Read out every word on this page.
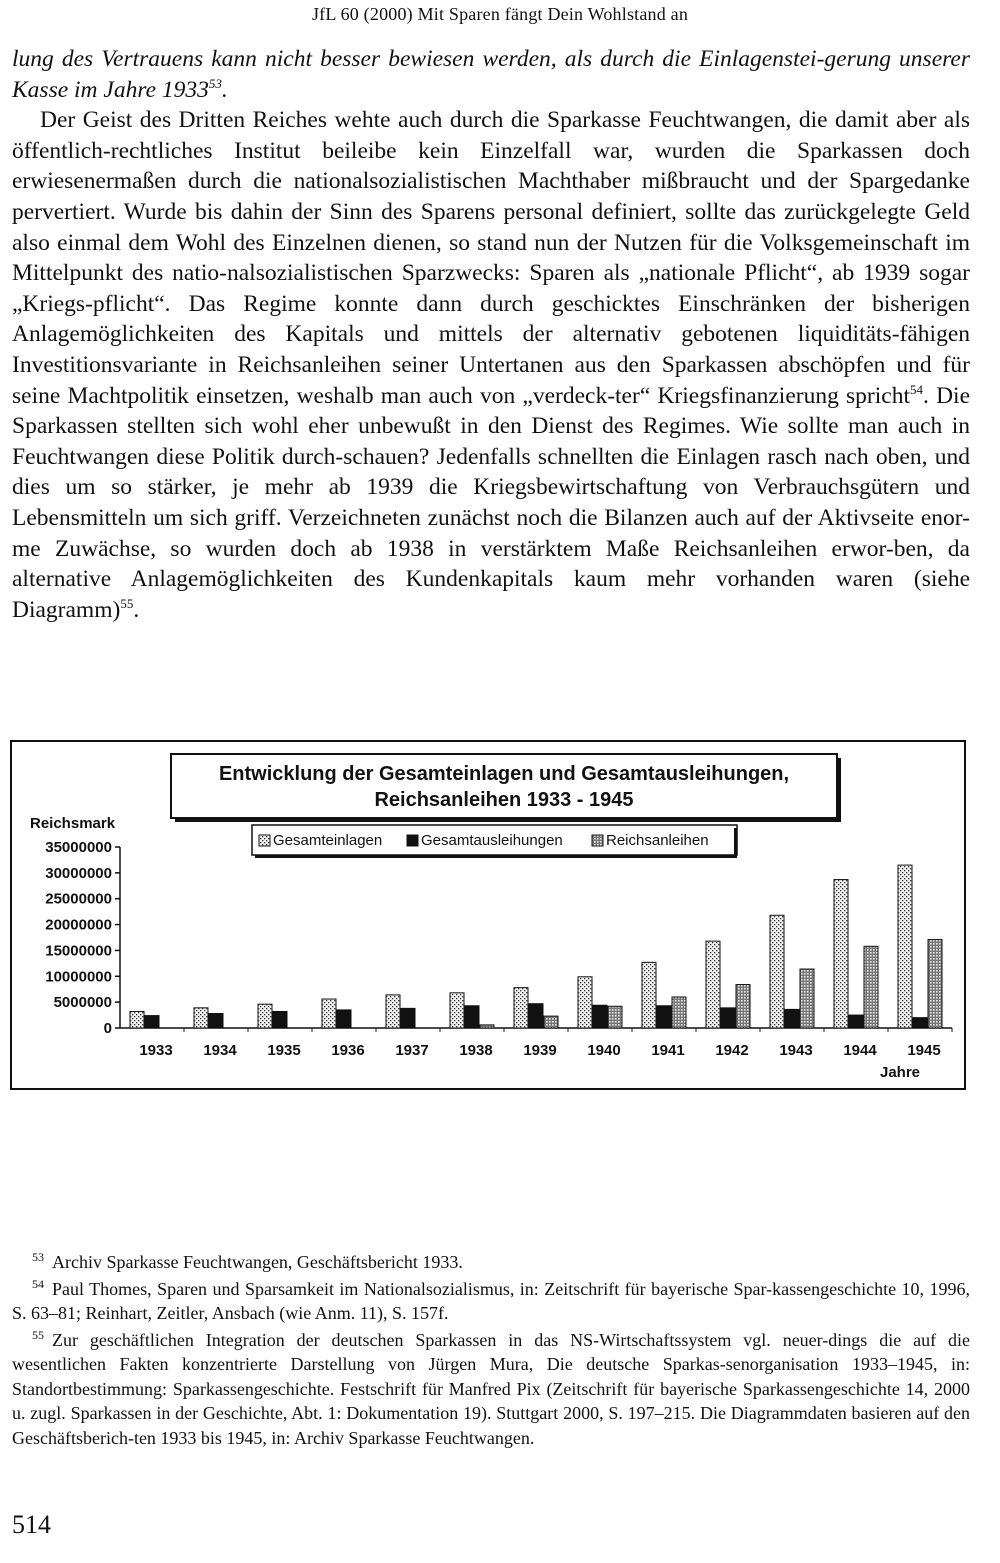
JfL 60 (2000) Mit Sparen fängt Dein Wohlstand an

lung des Vertrauens kann nicht besser bewiesen werden, als durch die Einlagenstei-gerung unserer Kasse im Jahre 1933$^{53}$.

Der Geist des Dritten Reiches wehte auch durch die Sparkasse Feuchtwangen, die damit aber als öffentlich-rechtliches Institut beileibe kein Einzelfall war, wurden die Sparkassen doch erwiesenermaßen durch die nationalsozialistischen Machthaber mißbraucht und der Spargedanke pervertiert. Wurde bis dahin der Sinn des Sparens personal definiert, sollte das zurückgelegte Geld also einmal dem Wohl des Einzelnen dienen, so stand nun der Nutzen für die Volksgemeinschaft im Mittelpunkt des natio-nalsozialistischen Sparzwecks: Sparen als „nationale Pflicht“, ab 1939 sogar „Kriegs-pflicht“. Das Regime konnte dann durch geschicktes Einschränken der bisherigen Anlagemöglichkeiten des Kapitals und mittels der alternativ gebotenen liquiditäts-fähigen Investitionsvariante in Reichsanleihen seiner Untertanen aus den Sparkassen abschöpfen und für seine Machtpolitik einsetzen, weshalb man auch von „verdeck-ter“ Kriegsfinanzierung spricht$^{54}$. Die Sparkassen stellten sich wohl eher unbewußt in den Dienst des Regimes. Wie sollte man auch in Feuchtwangen diese Politik durch-schauen? Jedenfalls schnellten die Einlagen rasch nach oben, und dies um so stärker, je mehr ab 1939 die Kriegsbewirtschaftung von Verbrauchsgütern und Lebensmitteln um sich griff. Verzeichneten zunächst noch die Bilanzen auch auf der Aktivseite enor-me Zuwächse, so wurden doch ab 1938 in verstärktem Maße Reichsanleihen erwor-ben, da alternative Anlagemöglichkeiten des Kundenkapitals kaum mehr vorhanden waren (siehe Diagramm)$^{55}$.

Entwicklung der Gesamteinlagen und Gesamtausleihungen,
Reichsanleihen 1933 - 1945
Gesamteinlagen	Gesamtausleihungen	Reichsanleihen
Reichsmark
Jahre
0
5000000
10000000
15000000
20000000
25000000
30000000
35000000
1933 1934 1935 1936 1937 1938 1939 1940 1941 1942 1943 1944 1945

$^{53}$ Archiv Sparkasse Feuchtwangen, Geschäftsbericht 1933.

$^{54}$ Paul Thomes, Sparen und Sparsamkeit im Nationalsozialismus, in: Zeitschrift für bayerische Spar-kassengeschichte 10, 1996, S. 63–81; Reinhart, Zeitler, Ansbach (wie Anm. 11), S. 157f.

$^{55}$ Zur geschäftlichen Integration der deutschen Sparkassen in das NS-Wirtschaftssystem vgl. neuer-dings die auf die wesentlichen Fakten konzentrierte Darstellung von Jürgen Mura, Die deutsche Sparkas-senorganisation 1933–1945, in: Standortbestimmung: Sparkassengeschichte. Festschrift für Manfred Pix (Zeitschrift für bayerische Sparkassengeschichte 14, 2000 u. zugl. Sparkassen in der Geschichte, Abt. 1: Dokumentation 19). Stuttgart 2000, S. 197–215. Die Diagrammdaten basieren auf den Geschäftsberich-ten 1933 bis 1945, in: Archiv Sparkasse Feuchtwangen.

514
